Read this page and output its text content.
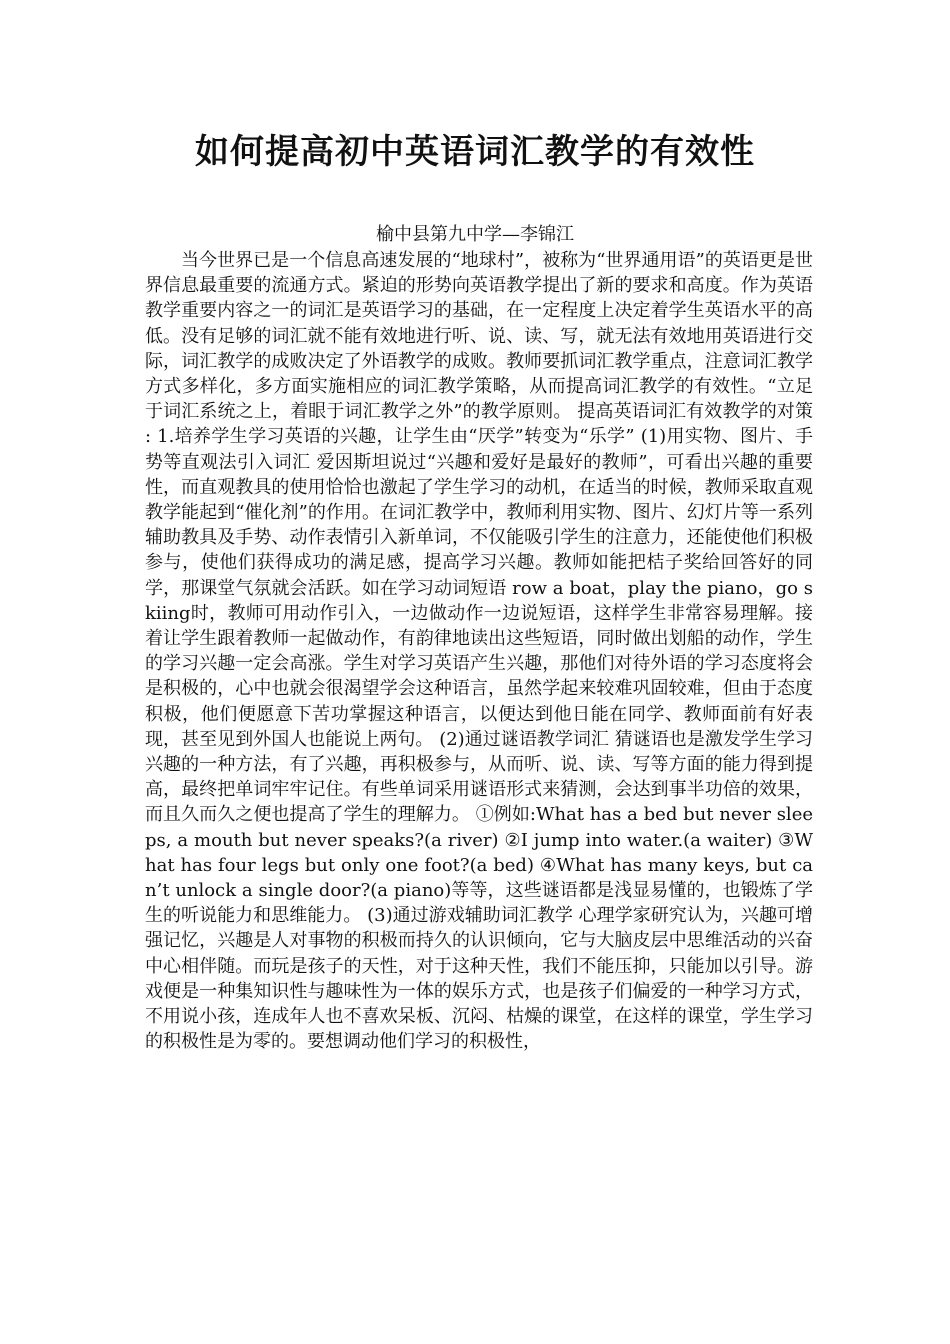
如何提高初中英语词汇教学的有效性

榆中县第九中学—李锦江

当今世界已是一个信息高速发展的“地球村”，被称为“世界通用语”的英语更是世界信息最重要的流通方式。紧迫的形势向英语教学提出了新的要求和高度。作为英语教学重要内容之一的词汇是英语学习的基础，在一定程度上决定着学生英语水平的高低。没有足够的词汇就不能有效地进行听、说、读、写，就无法有效地用英语进行交际，词汇教学的成败决定了外语教学的成败。教师要抓词汇教学重点，注意词汇教学方式多样化，多方面实施相应的词汇教学策略，从而提高词汇教学的有效性。“立足于词汇系统之上，着眼于词汇教学之外”的教学原则。 提高英语词汇有效教学的对策 : 1.培养学生学习英语的兴趣，让学生由“厌学”转变为“乐学” (1)用实物、图片、手势等直观法引入词汇 爱因斯坦说过“兴趣和爱好是最好的教师”，可看出兴趣的重要性，而直观教具的使用恰恰也激起了学生学习的动机，在适当的时候，教师采取直观教学能起到“催化剂”的作用。在词汇教学中，教师利用实物、图片、幻灯片等一系列辅助教具及手势、动作表情引入新单词，不仅能吸引学生的注意力，还能使他们积极参与，使他们获得成功的满足感，提高学习兴趣。教师如能把桔子奖给回答好的同学，那课堂气氛就会活跃。如在学习动词短语 row a boat，play the piano，go skiing时，教师可用动作引入，一边做动作一边说短语，这样学生非常容易理解。接着让学生跟着教师一起做动作，有韵律地读出这些短语，同时做出划船的动作，学生的学习兴趣一定会高涨。学生对学习英语产生兴趣，那他们对待外语的学习态度将会是积极的，心中也就会很渴望学会这种语言，虽然学起来较难巩固较难，但由于态度积极，他们便愿意下苦功掌握这种语言，以便达到他日能在同学、教师面前有好表现，甚至见到外国人也能说上两句。 (2)通过谜语教学词汇 猜谜语也是激发学生学习兴趣的一种方法，有了兴趣，再积极参与，从而听、说、读、写等方面的能力得到提高，最终把单词牢牢记住。有些单词采用谜语形式来猜测，会达到事半功倍的效果， 而且久而久之便也提高了学生的理解力。 ①例如:What has a bed but never sleeps, a mouth but never speaks?(a river) ②I jump into water.(a waiter) ③What has four legs but only one foot?(a bed) ④What has many keys, but can’t unlock a single door?(a piano)等等，这些谜语都是浅显易懂的，也锻炼了学生的听说能力和思维能力。 (3)通过游戏辅助词汇教学 心理学家研究认为，兴趣可增强记忆，兴趣是人对事物的积极而持久的认识倾向，它与大脑皮层中思维活动的兴奋中心相伴随。而玩是孩子的天性，对于这种天性，我们不能压抑，只能加以引导。游戏便是一种集知识性与趣味性为一体的娱乐方式，也是孩子们偏爱的一种学习方式，不用说小孩，连成年人也不喜欢呆板、沉闷、枯燥的课堂，在这样的课堂，学生学习的积极性是为零的。要想调动他们学习的积极性，
